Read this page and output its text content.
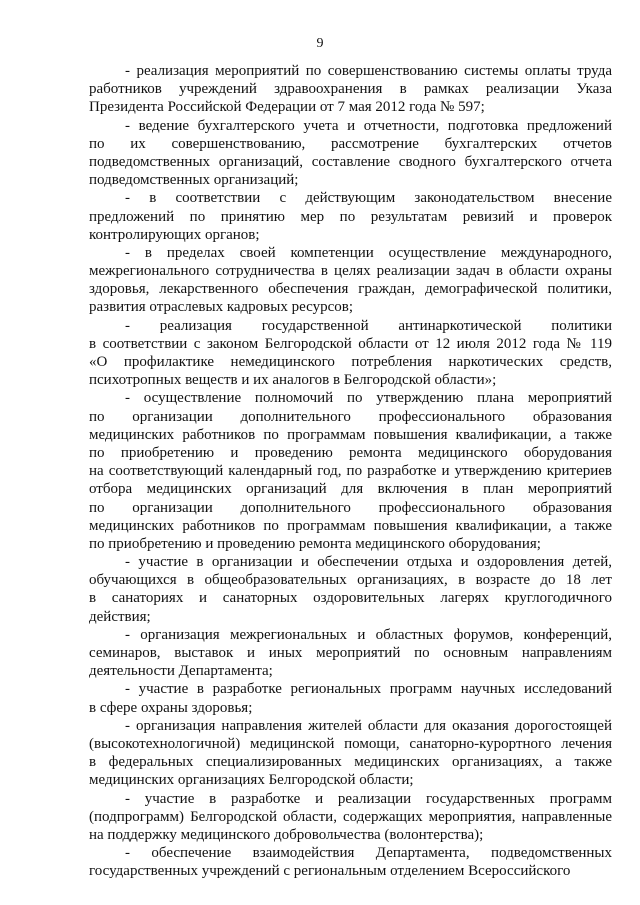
9
- реализация мероприятий по совершенствованию системы оплаты труда
работников учреждений здравоохранения в рамках реализации Указа
Президента Российской Федерации от 7 мая 2012 года № 597;
- ведение бухгалтерского учета и отчетности, подготовка предложений
по их совершенствованию, рассмотрение бухгалтерских отчетов
подведомственных организаций, составление сводного бухгалтерского отчета
подведомственных организаций;
- в соответствии с действующим законодательством внесение
предложений по принятию мер по результатам ревизий и проверок
контролирующих органов;
- в пределах своей компетенции осуществление международного,
межрегионального сотрудничества в целях реализации задач в области охраны
здоровья, лекарственного обеспечения граждан, демографической политики,
развития отраслевых кадровых ресурсов;
- реализация государственной антинаркотической политики
в соответствии с законом Белгородской области от 12 июля 2012 года № 119
«О профилактике немедицинского потребления наркотических средств,
психотропных веществ и их аналогов в Белгородской области»;
- осуществление полномочий по утверждению плана мероприятий
по организации дополнительного профессионального образования
медицинских работников по программам повышения квалификации, а также
по приобретению и проведению ремонта медицинского оборудования
на соответствующий календарный год, по разработке и утверждению критериев
отбора медицинских организаций для включения в план мероприятий
по организации дополнительного профессионального образования
медицинских работников по программам повышения квалификации, а также
по приобретению и проведению ремонта медицинского оборудования;
- участие в организации и обеспечении отдыха и оздоровления детей,
обучающихся в общеобразовательных организациях, в возрасте до 18 лет
в санаториях и санаторных оздоровительных лагерях круглогодичного
действия;
- организация межрегиональных и областных форумов, конференций,
семинаров, выставок и иных мероприятий по основным направлениям
деятельности Департамента;
- участие в разработке региональных программ научных исследований
в сфере охраны здоровья;
- организация направления жителей области для оказания дорогостоящей
(высокотехнологичной) медицинской помощи, санаторно-курортного лечения
в федеральных специализированных медицинских организациях, а также
медицинских организациях Белгородской области;
- участие в разработке и реализации государственных программ
(подпрограмм) Белгородской области, содержащих мероприятия, направленные
на поддержку медицинского добровольчества (волонтерства);
- обеспечение взаимодействия Департамента, подведомственных
государственных учреждений с региональным отделением Всероссийского
